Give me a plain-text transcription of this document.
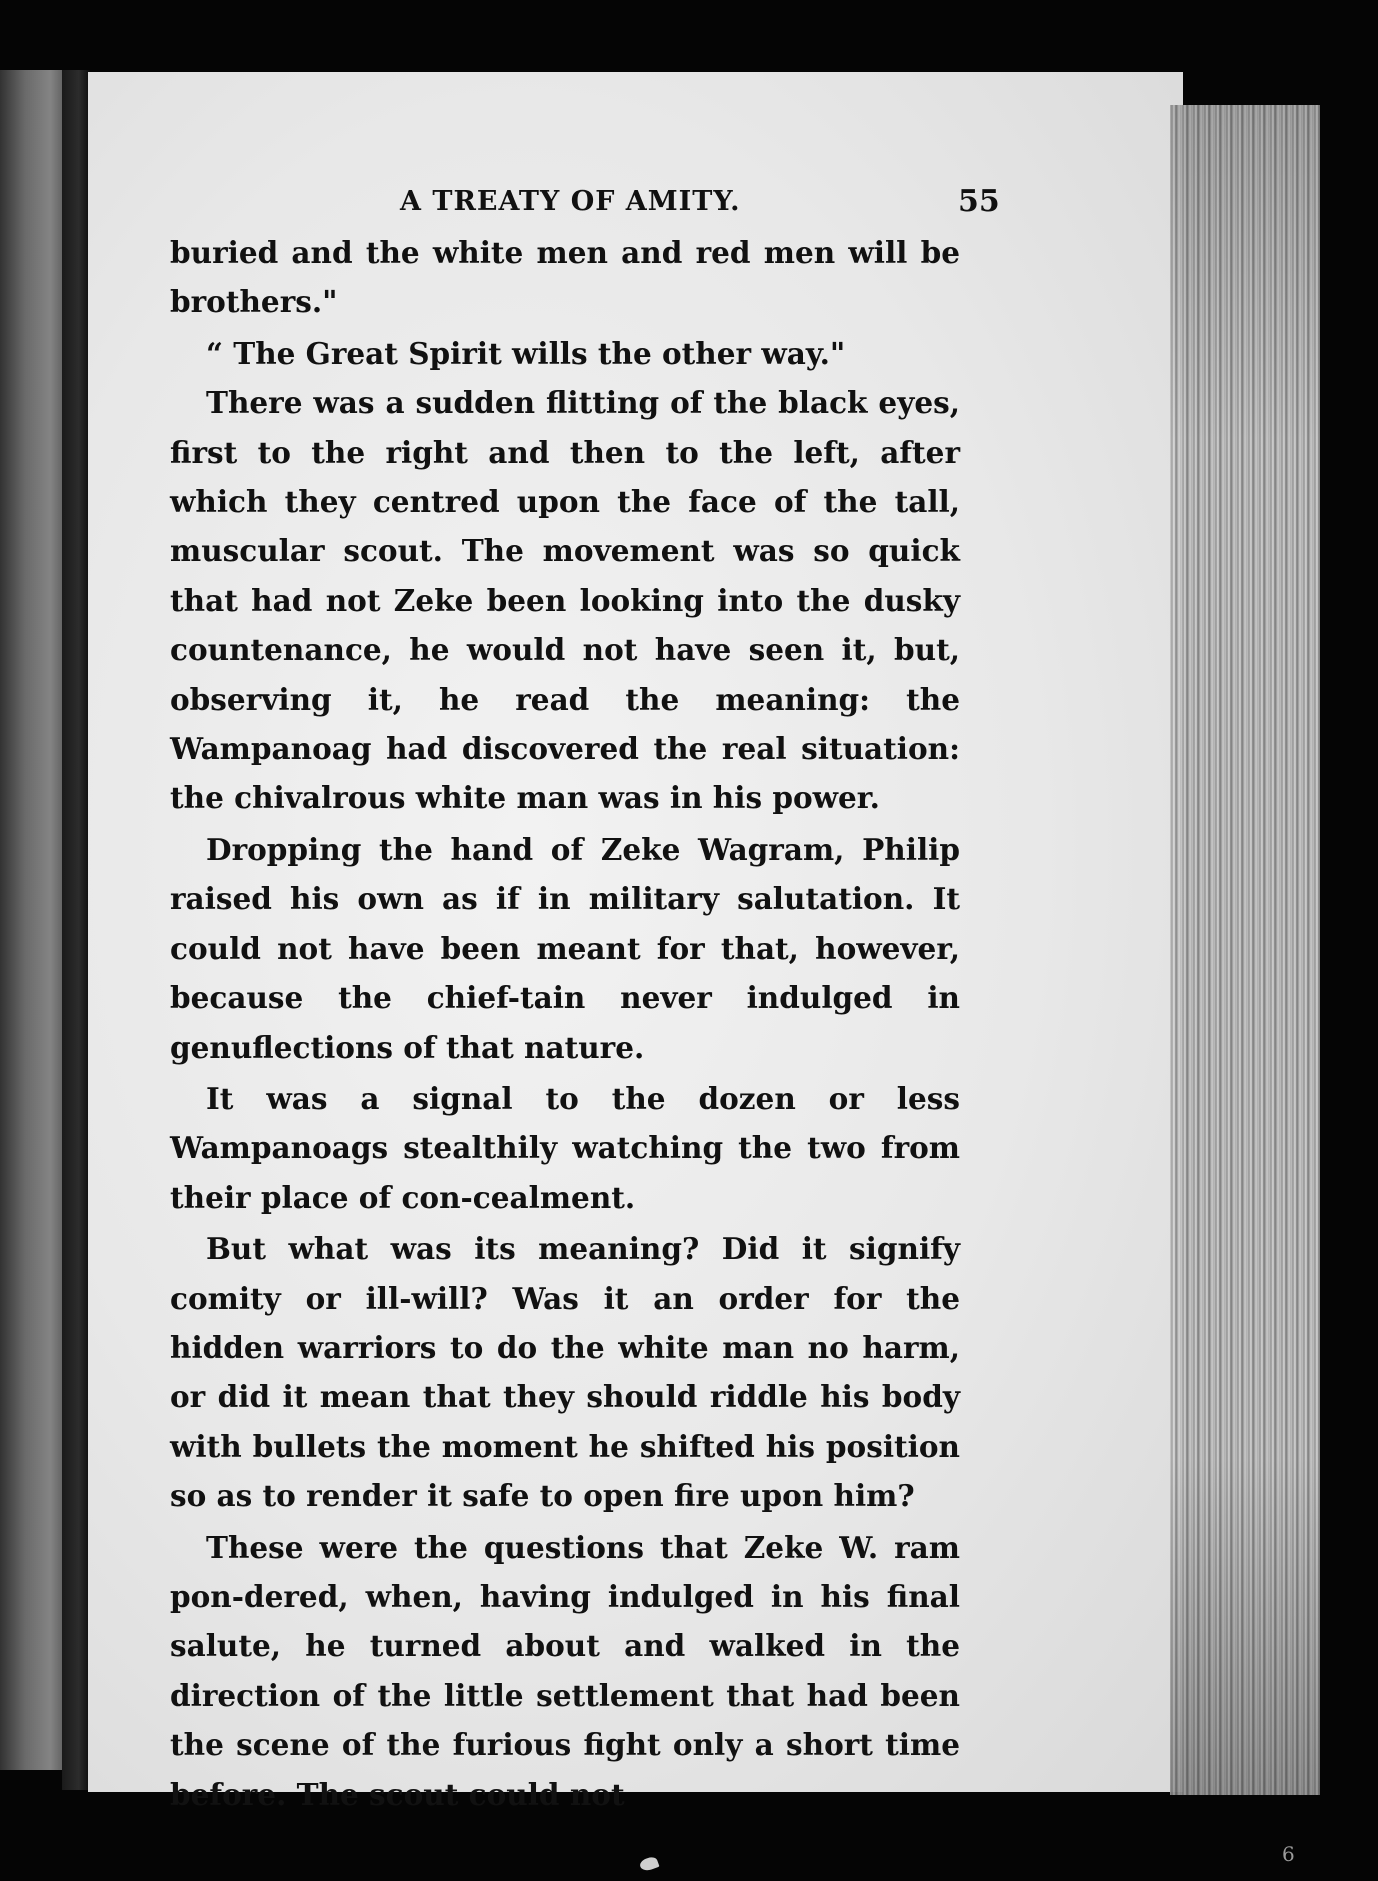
A TREATY OF AMITY.	55

buried and the white men and red men will be brothers."

“ The Great Spirit wills the other way."

There was a sudden flitting of the black eyes, first to the right and then to the left, after which they centred upon the face of the tall, muscular scout. The movement was so quick that had not Zeke been looking into the dusky countenance, he would not have seen it, but, observing it, he read the meaning: the Wampanoag had discovered the real situation: the chivalrous white man was in his power.

Dropping the hand of Zeke Wagram, Philip raised his own as if in military salutation. It could not have been meant for that, however, because the chief-tain never indulged in genuflections of that nature.

It was a signal to the dozen or less Wampanoags stealthily watching the two from their place of con-cealment.

But what was its meaning? Did it signify comity or ill-will? Was it an order for the hidden warriors to do the white man no harm, or did it mean that they should riddle his body with bullets the moment he shifted his position so as to render it safe to open fire upon him?

These were the questions that Zeke W. ram pon-dered, when, having indulged in his final salute, he turned about and walked in the direction of the little settlement that had been the scene of the furious fight only a short time before. The scout could not

6
